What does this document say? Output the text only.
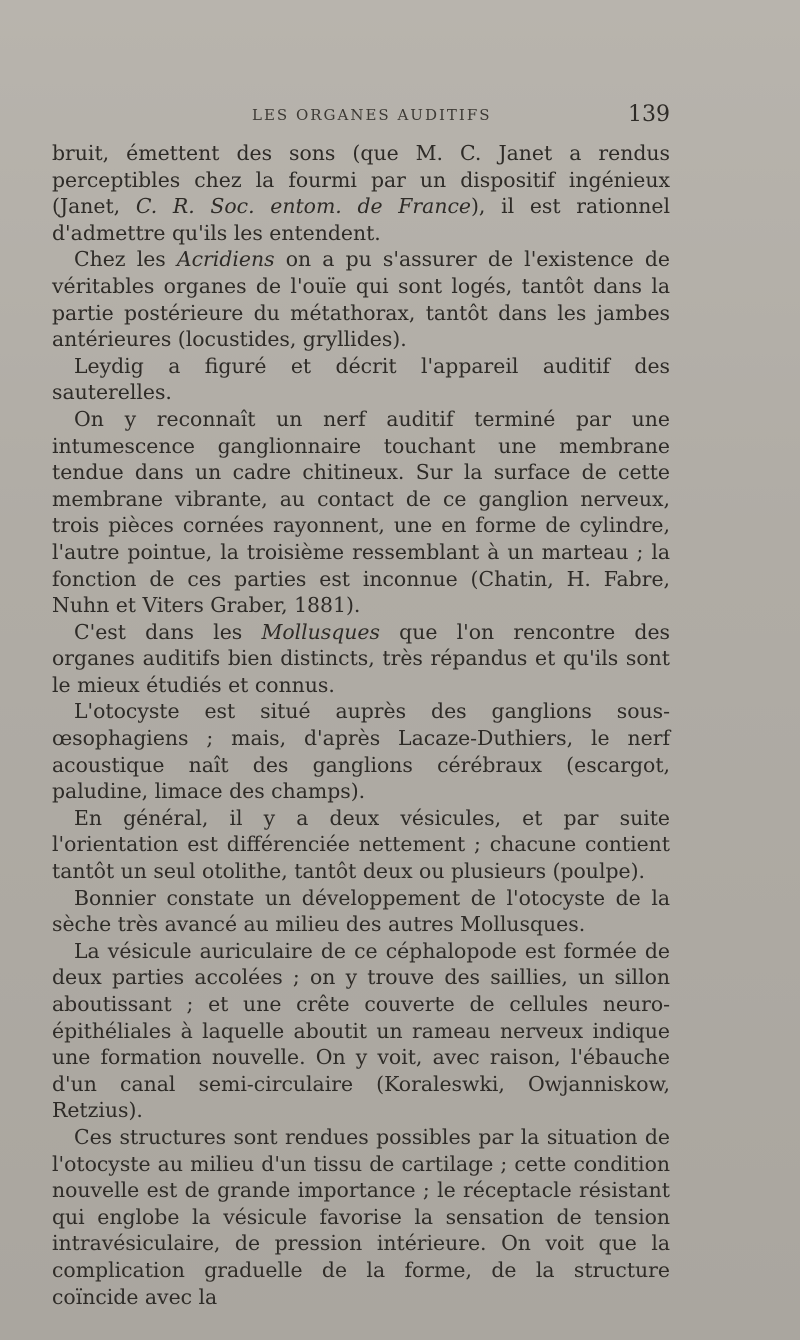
LES ORGANES AUDITIFS	139

bruit, émettent des sons (que M. C. Janet a rendus perceptibles chez la fourmi par un dispositif ingénieux (Janet, C. R. Soc. entom. de France), il est rationnel d'admettre qu'ils les entendent.

Chez les Acridiens on a pu s'assurer de l'existence de véritables organes de l'ouïe qui sont logés, tantôt dans la partie postérieure du métathorax, tantôt dans les jambes antérieures (locustides, gryllides).

Leydig a figuré et décrit l'appareil auditif des sauterelles.

On y reconnaît un nerf auditif terminé par une intumescence ganglionnaire touchant une membrane tendue dans un cadre chitineux. Sur la surface de cette membrane vibrante, au contact de ce ganglion nerveux, trois pièces cornées rayonnent, une en forme de cylindre, l'autre pointue, la troisième ressemblant à un marteau ; la fonction de ces parties est inconnue (Chatin, H. Fabre, Nuhn et Viters Graber, 1881).

C'est dans les Mollusques que l'on rencontre des organes auditifs bien distincts, très répandus et qu'ils sont le mieux étudiés et connus.

L'otocyste est situé auprès des ganglions sous-œsophagiens ; mais, d'après Lacaze-Duthiers, le nerf acoustique naît des ganglions cérébraux (escargot, paludine, limace des champs).

En général, il y a deux vésicules, et par suite l'orientation est différenciée nettement ; chacune contient tantôt un seul otolithe, tantôt deux ou plusieurs (poulpe).

Bonnier constate un développement de l'otocyste de la sèche très avancé au milieu des autres Mollusques.

La vésicule auriculaire de ce céphalopode est formée de deux parties accolées ; on y trouve des saillies, un sillon aboutissant ; et une crête couverte de cellules neuro-épithéliales à laquelle aboutit un rameau nerveux indique une formation nouvelle. On y voit, avec raison, l'ébauche d'un canal semi-circulaire (Koraleswki, Owjanniskow, Retzius).

Ces structures sont rendues possibles par la situation de l'otocyste au milieu d'un tissu de cartilage ; cette condition nouvelle est de grande importance ; le réceptacle résistant qui englobe la vésicule favorise la sensation de tension intravésiculaire, de pression intérieure. On voit que la complication graduelle de la forme, de la structure coïncide avec la
